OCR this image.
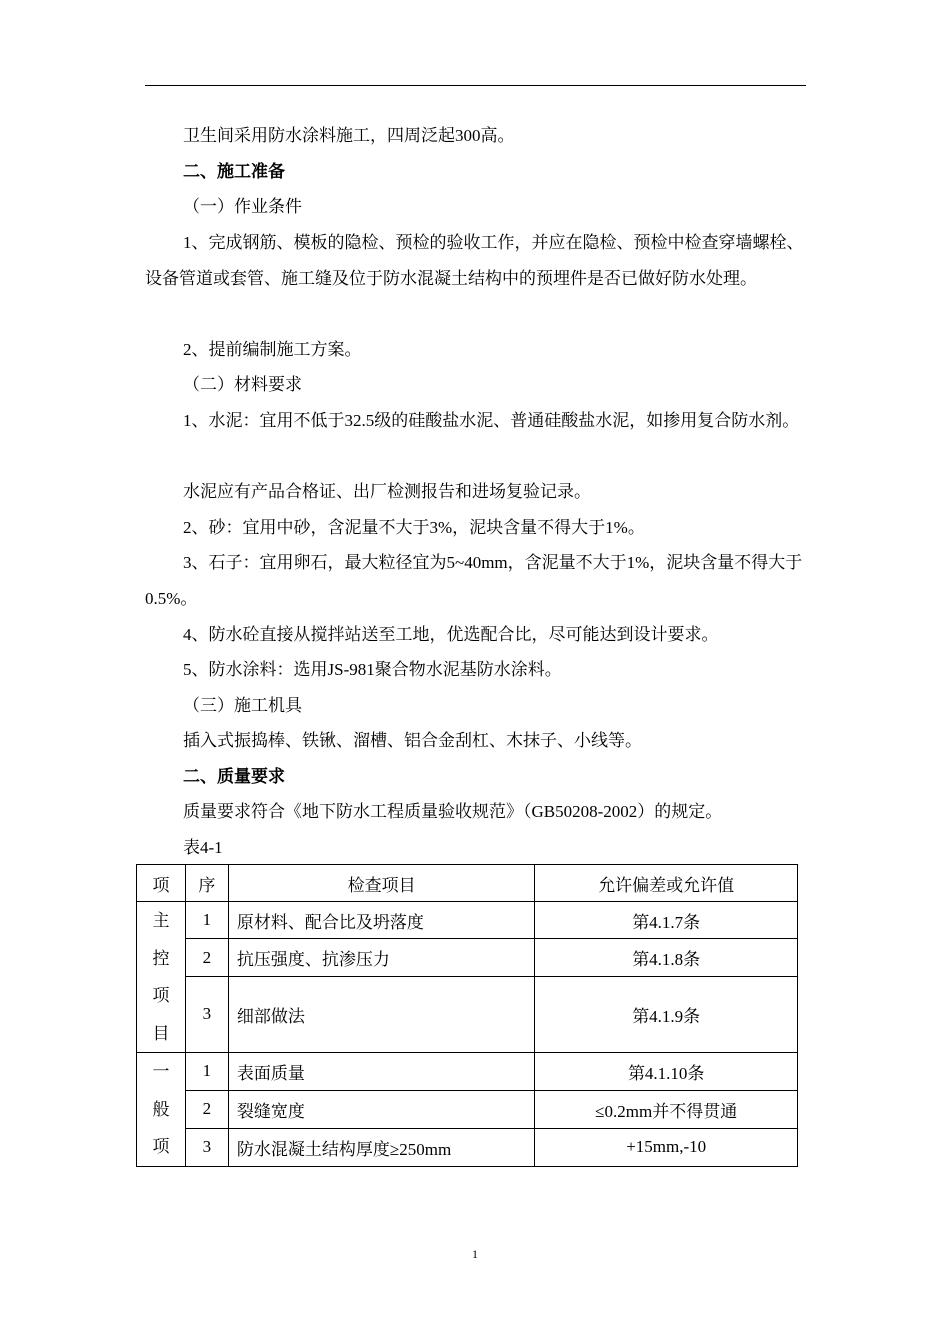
卫生间采用防水涂料施工，四周泛起300高。

二、施工准备

（一）作业条件

1、完成钢筋、模板的隐检、预检的验收工作，并应在隐检、预检中检查穿墙螺栓、设备管道或套管、施工缝及位于防水混凝土结构中的预埋件是否已做好防水处理。

2、提前编制施工方案。

（二）材料要求

1、水泥：宜用不低于32.5级的硅酸盐水泥、普通硅酸盐水泥，如掺用复合防水剂。

水泥应有产品合格证、出厂检测报告和进场复验记录。

2、砂：宜用中砂，含泥量不大于3%，泥块含量不得大于1%。

3、石子：宜用卵石，最大粒径宜为5~40mm，含泥量不大于1%，泥块含量不得大于0.5%。

4、防水砼直接从搅拌站送至工地，优选配合比，尽可能达到设计要求。

5、防水涂料：选用JS-981聚合物水泥基防水涂料。

（三）施工机具

插入式振捣棒、铁锹、溜槽、铝合金刮杠、木抹子、小线等。

二、质量要求

质量要求符合《地下防水工程质量验收规范》（GB50208-2002）的规定。

表4-1

项	序	检查项目	允许偏差或允许值

主
控
项
目	1	原材料、配合比及坍落度	第4.1.7条
	2	抗压强度、抗渗压力	第4.1.8条
	3	细部做法	第4.1.9条

一
般
项	1	表面质量	第4.1.10条
	2	裂缝宽度	≤0.2mm并不得贯通
	3	防水混凝土结构厚度≥250mm	+15mm,-10
1
